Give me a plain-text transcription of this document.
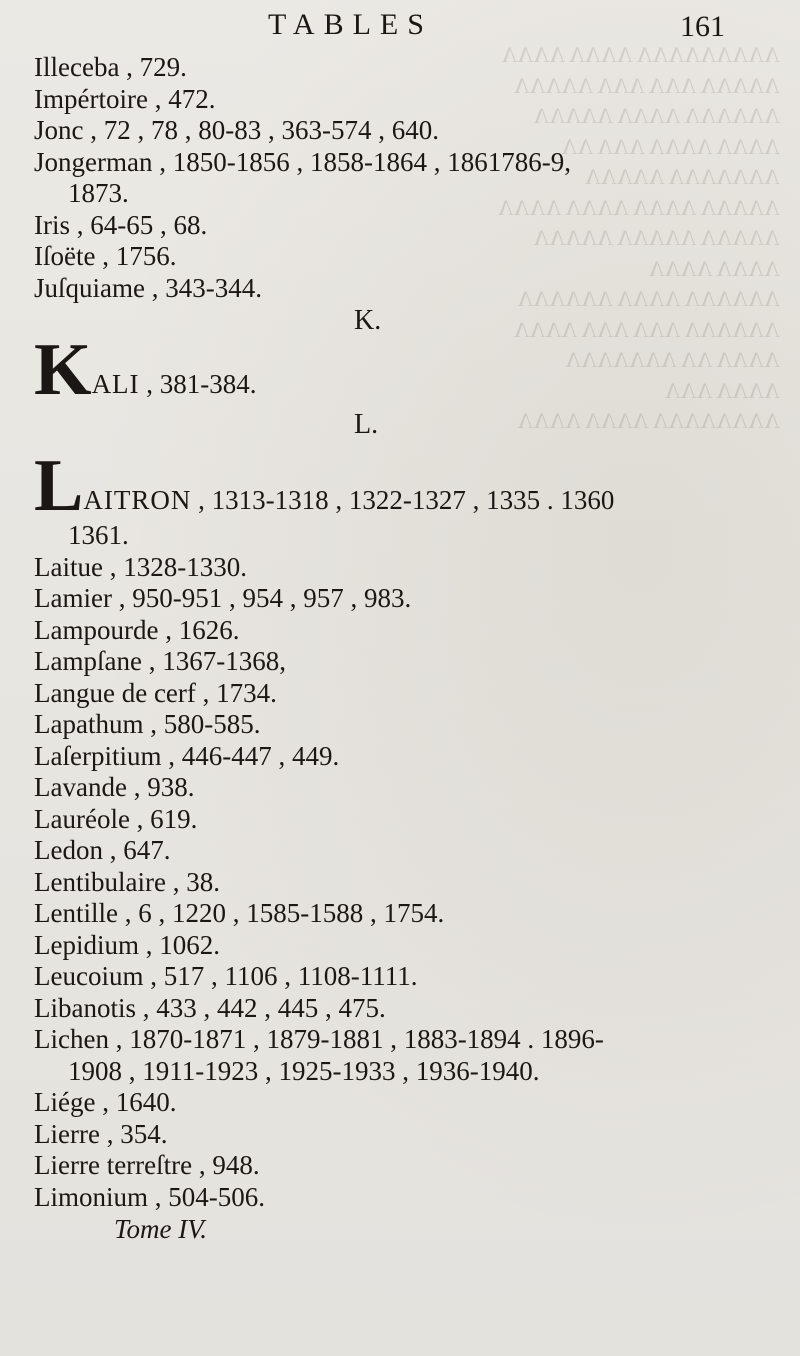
ΛΛΛΛΛΛΛΛΛ ΛΛΛΛ ΛΛΛΛ
ΛΛΛΛΛ ΛΛΛ ΛΛΛ ΛΛΛΛΛ
ΛΛΛΛΛΛ ΛΛΛΛ ΛΛΛΛΛ
ΛΛΛΛ ΛΛΛΛ ΛΛΛ ΛΛ
ΛΛΛΛΛΛΛ ΛΛΛΛΛ
ΛΛΛΛΛ ΛΛΛΛ ΛΛΛΛ ΛΛΛΛ
ΛΛΛΛΛ ΛΛΛΛΛ ΛΛΛΛΛ
ΛΛΛΛ ΛΛΛΛ
ΛΛΛΛΛΛ ΛΛΛΛ ΛΛΛΛΛΛ
ΛΛΛΛΛΛ ΛΛΛ ΛΛΛ ΛΛΛΛ
ΛΛΛΛ ΛΛ ΛΛΛΛΛΛΛ
ΛΛΛΛ ΛΛΛ
ΛΛΛΛΛΛΛΛ ΛΛΛΛ ΛΛΛΛ
TABLES	161

Illeceba , 729.

Impértoire , 472.

Jonc , 72 , 78 , 80-83 , 363-574 , 640.

Jongerman , 1850-1856 , 1858-1864 , 1861786-9,

1873.

Iris , 64-65 , 68.

Iſoëte , 1756.

Juſquiame , 343-344.

K.
KALI , 381-384.
L.
LAITRON , 1313-1318 , 1322-1327 , 1335 . 1360

1361.

Laitue , 1328-1330.

Lamier , 950-951 , 954 , 957 , 983.

Lampourde , 1626.

Lampſane , 1367-1368,

Langue de cerf , 1734.

Lapathum , 580-585.

Laſerpitium , 446-447 , 449.

Lavande , 938.

Lauréole , 619.

Ledon , 647.

Lentibulaire , 38.

Lentille , 6 , 1220 , 1585-1588 , 1754.

Lepidium , 1062.

Leucoium , 517 , 1106 , 1108-1111.

Libanotis , 433 , 442 , 445 , 475.

Lichen , 1870-1871 , 1879-1881 , 1883-1894 . 1896-

1908 , 1911-1923 , 1925-1933 , 1936-1940.

Liége , 1640.

Lierre , 354.

Lierre terreſtre , 948.

Limonium , 504-506.

Tome IV.
